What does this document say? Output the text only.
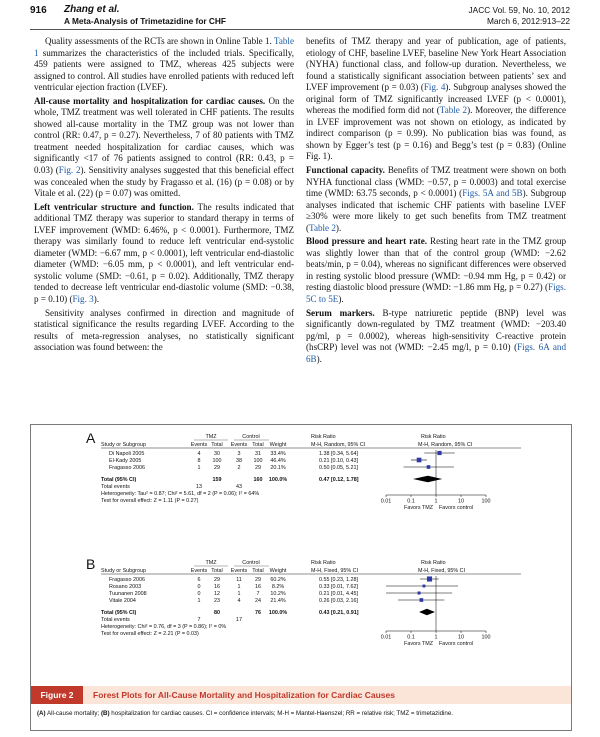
916 Zhang et al.
A Meta-Analysis of Trimetazidine for CHF
JACC Vol. 59, No. 10, 2012
March 6, 2012:913–22

Quality assessments of the RCTs are shown in Online Table 1. Table 1 summarizes the characteristics of the included trials. Specifically, 459 patients were assigned to TMZ, whereas 425 subjects were assigned to control. All studies have enrolled patients with reduced left ventricular ejection fraction (LVEF).

All-cause mortality and hospitalization for cardiac causes. On the whole, TMZ treatment was well tolerated in CHF patients. The results showed all-cause mortality in the TMZ group was not lower than control (RR: 0.47, p = 0.27). Nevertheless, 7 of 80 patients with TMZ treatment needed hospitalization for cardiac causes, which was significantly <17 of 76 patients assigned to control (RR: 0.43, p = 0.03) (Fig. 2). Sensitivity analyses suggested that this beneficial effect was concealed when the study by Fragasso et al. (16) (p = 0.08) or by Vitale et al. (22) (p = 0.07) was omitted.

Left ventricular structure and function. The results indicated that additional TMZ therapy was superior to standard therapy in terms of LVEF improvement (WMD: 6.46%, p < 0.0001). Furthermore, TMZ therapy was similarly found to reduce left ventricular end-systolic diameter (WMD: −6.67 mm, p < 0.0001), left ventricular end-diastolic diameter (WMD: −6.05 mm, p < 0.0001), and left ventricular end-systolic volume (SMD: −0.61, p = 0.02). Additionally, TMZ therapy tended to decrease left ventricular end-diastolic volume (SMD: −0.38, p = 0.10) (Fig. 3).

Sensitivity analyses confirmed in direction and magnitude of statistical significance the results regarding LVEF. According to the results of meta-regression analyses, no statistically significant association was found between: the

benefits of TMZ therapy and year of publication, age of patients, etiology of CHF, baseline LVEF, baseline New York Heart Association (NYHA) functional class, and follow-up duration. Nevertheless, we found a statistically significant association between patients’ sex and LVEF improvement (p = 0.03) (Fig. 4). Subgroup analyses showed the original form of TMZ significantly increased LVEF (p < 0.0001), whereas the modified form did not (Table 2). Moreover, the difference in LVEF improvement was not shown on etiology, as indicated by indirect comparison (p = 0.99). No publication bias was found, as shown by Egger’s test (p = 0.16) and Begg’s test (p = 0.83) (Online Fig. 1).

Functional capacity. Benefits of TMZ treatment were shown on both NYHA functional class (WMD: −0.57, p = 0.0003) and total exercise time (WMD: 63.75 seconds, p < 0.0001) (Figs. 5A and 5B). Subgroup analyses indicated that ischemic CHF patients with baseline LVEF ≥30% were more likely to get such benefits from TMZ treatment (Table 2).

Blood pressure and heart rate. Resting heart rate in the TMZ group was slightly lower than that of the control group (WMD: −2.62 beats/min, p = 0.04), whereas no significant differences were observed in resting systolic blood pressure (WMD: −0.94 mm Hg, p = 0.42) or resting diastolic blood pressure (WMD: −1.86 mm Hg, p = 0.27) (Figs. 5C to 5E).

Serum markers. B-type natriuretic peptide (BNP) level was significantly down-regulated by TMZ treatment (WMD: −203.40 pg/ml, p = 0.0002), whereas high-sensitivity C-reactive protein (hsCRP) level was not (WMD: −2.45 mg/l, p = 0.10) (Figs. 6A and 6B).

A	TMZ	Control	Risk Ratio	Risk Ratio
Study or Subgroup	Events Total Events Total Weight	M-H, Random, 95% CI	M-H, Random, 95% CI
Di Napoli 2005	4	30	3	31 33.4%	1.38 [0.34, 5.64]
El-Kady 2005	8 100	38 100 46.4%	0.21 [0.10, 0.43]
Fragasso 2006	1	29	2	29 20.1%	0.50 [0.05, 5.21]
Total (95% CI)	159	160 100.0%	0.47 [0.12, 1.78]
Total events	13	43
Heterogeneity: Tau² = 0.87; Chi² = 5.61, df = 2 (P = 0.06); I² = 64%
Test for overall effect: Z = 1.11 (P = 0.27)	0.01	0.1	1	10	100
Favors TMZ Favors control
B	TMZ	Control	Risk Ratio	Risk Ratio
Study or Subgroup	Events Total Events Total Weight	M-H, Fixed, 95% CI	M-H, Fixed, 95% CI
Fragasso 2006	6	29	11 29 60.2%	0.55 [0.23, 1.28]
Rosano 2003	0	16	1	16 8.2%	0.33 [0.01, 7.62]
Tuunanen 2008	0	12	1	7 10.2%	0.21 [0.01, 4.45]
Vitale 2004	1	23	4	24 21.4%	0.26 [0.03, 2.16]
Total (95% CI)	80	76 100.0%	0.43 [0.21, 0.91]
Total events	7	17
Heterogeneity: Chi² = 0.76, df = 3 (P = 0.86); I² = 0%
Test for overall effect: Z = 2.21 (P = 0.03)
0.01	0.1	1	10	100
Favors TMZ Favors control
Figure 2	Forest Plots for All-Cause Mortality and Hospitalization for Cardiac Causes
(A) All-cause mortality; (B) hospitalization for cardiac causes. CI = confidence intervals; M-H = Mantel-Haenszel; RR = relative risk; TMZ = trimetazidine.
